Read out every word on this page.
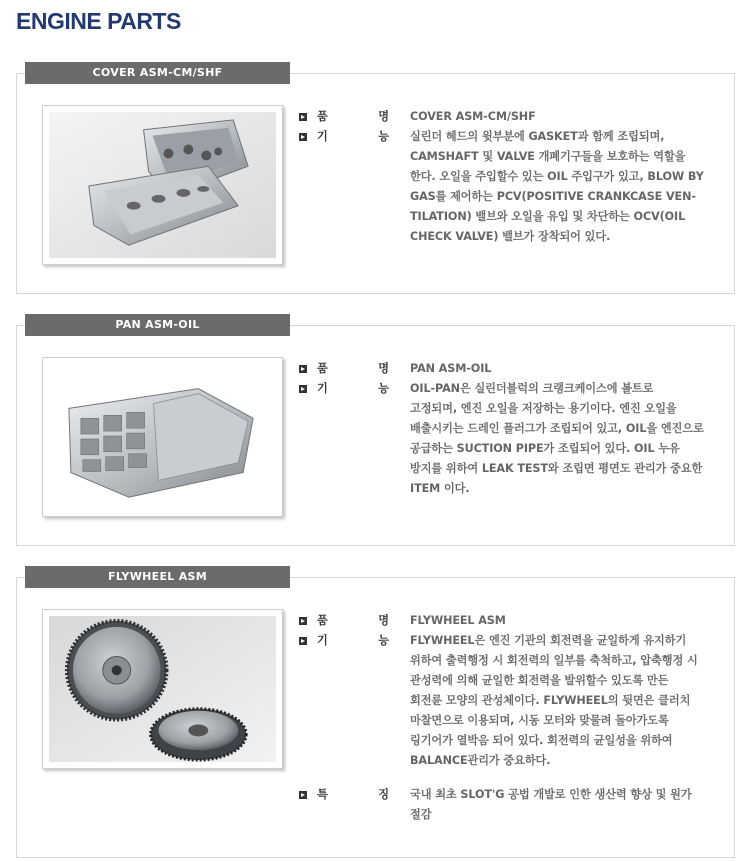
ENGINE PARTS
COVER ASM-CM/SHF
품	명	COVER ASM-CM/SHF
기	능 실린더 헤드의 윗부분에 GASKET과 함께 조립되며,
CAMSHAFT 및 VALVE 개폐기구들을 보호하는 역할을
한다. 오일을 주입할수 있는 OIL 주입구가 있고, BLOW BY
GAS를 제어하는 PCV(POSITIVE CRANKCASE VEN-
TILATION) 밸브와 오일을 유입 및 차단하는 OCV(OIL
CHECK VALVE) 밸브가 장착되어 있다.
PAN ASM-OIL
품	명	PAN ASM-OIL
기	능 OIL-PAN은 실린더블럭의 크랭크케이스에 볼트로
고정되며, 엔진 오일을 저장하는 용기이다. 엔진 오일을
배출시키는 드레인 플러그가 조립되어 있고, OIL을 엔진으로
공급하는 SUCTION PIPE가 조립되어 있다. OIL 누유
방지를 위하여 LEAK TEST와 조립면 평면도 관리가 중요한
ITEM 이다.
FLYWHEEL ASM
품	명	FLYWHEEL ASM
기	능 FLYWHEEL은 엔진 기관의 회전력을 균일하게 유지하기
위하여 출력행정 시 회전력의 일부를 축척하고, 압축행정 시
관성력에 의해 균일한 회전력을 발위할수 있도록 만든
회전륜 모양의 관성체이다. FLYWHEEL의 뒷면은 클러치
마찰면으로 이용되며, 시동 모터와 맞물려 돌아가도록
링기어가 열박음 되어 있다. 회전력의 균일성을 위하여
BALANCE관리가 중요하다.
특	징 국내 최초 SLOT'G 공법 개발로 인한 생산력 향상 및 원가
절감
